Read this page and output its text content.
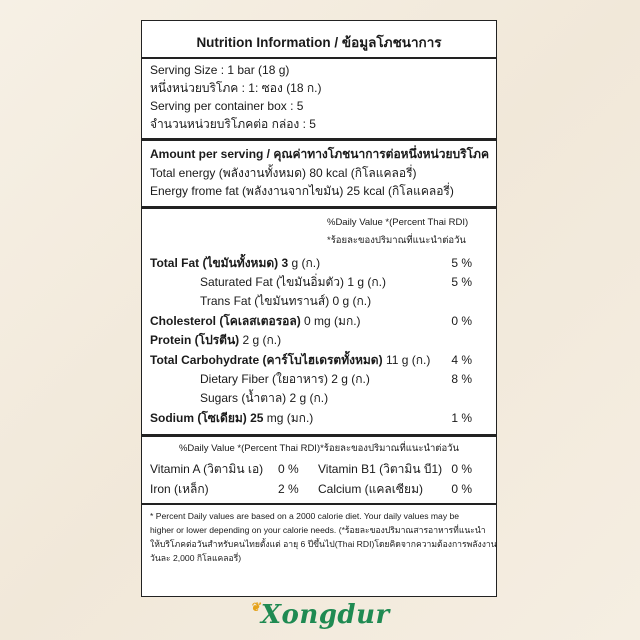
Nutrition Information / ข้อมูลโภชนาการ
Serving Size : 1 bar (18 g)
หนึ่งหน่วยบริโภค : 1: ซอง (18 ก.)
Serving per container box : 5
จำนวนหน่วยบริโภคต่อ กล่อง : 5
Amount per serving / คุณค่าทางโภชนาการต่อหนึ่งหน่วยบริโภค
Total energy (พลังงานทั้งหมด) 80 kcal (กิโลแคลอรี่)
Energy frome fat (พลังงานจากไขมัน) 25 kcal (กิโลแคลอรี่)
%Daily Value *(Percent Thai RDI)
*ร้อยละของปริมาณที่แนะนำต่อวัน
Total Fat (ไขมันทั้งหมด) 3 g (ก.)	5 %
Saturated Fat (ไขมันอิ่มตัว) 1 g (ก.)	5 %
Trans Fat (ไขมันทรานส์) 0 g (ก.)
Cholesterol (โคเลสเตอรอล) 0 mg (มก.)	0 %
Protein (โปรตีน) 2 g (ก.)
Total Carbohydrate (คาร์โบไฮเดรตทั้งหมด) 11 g (ก.) 4 %
Dietary Fiber (ใยอาหาร) 2 g (ก.)	8 %
Sugars (น้ำตาล) 2 g (ก.)
Sodium (โซเดียม) 25 mg (มก.)	1 %
%Daily Value *(Percent Thai RDI)*ร้อยละของปริมาณที่แนะนำต่อวัน
Vitamin A (วิตามิน เอ) 0 % Vitamin B1 (วิตามิน บี1) 0 %
Iron (เหล็ก)	2 % Calcium (แคลเซียม) 0 %
* Percent Daily values are based on a 2000 calorie diet. Your daily values may be
higher or lower depending on your calorie needs. (*ร้อยละของปริมาณสารอาหารที่แนะนำ
ให้บริโภคต่อวันสำหรับคนไทยตั้งแต่ อายุ 6 ปีขึ้นไป(Thai RDI)โดยคิดจากความต้องการพลังงาน
วันละ 2,000 กิโลแคลอรี่)
❦Xongdur
